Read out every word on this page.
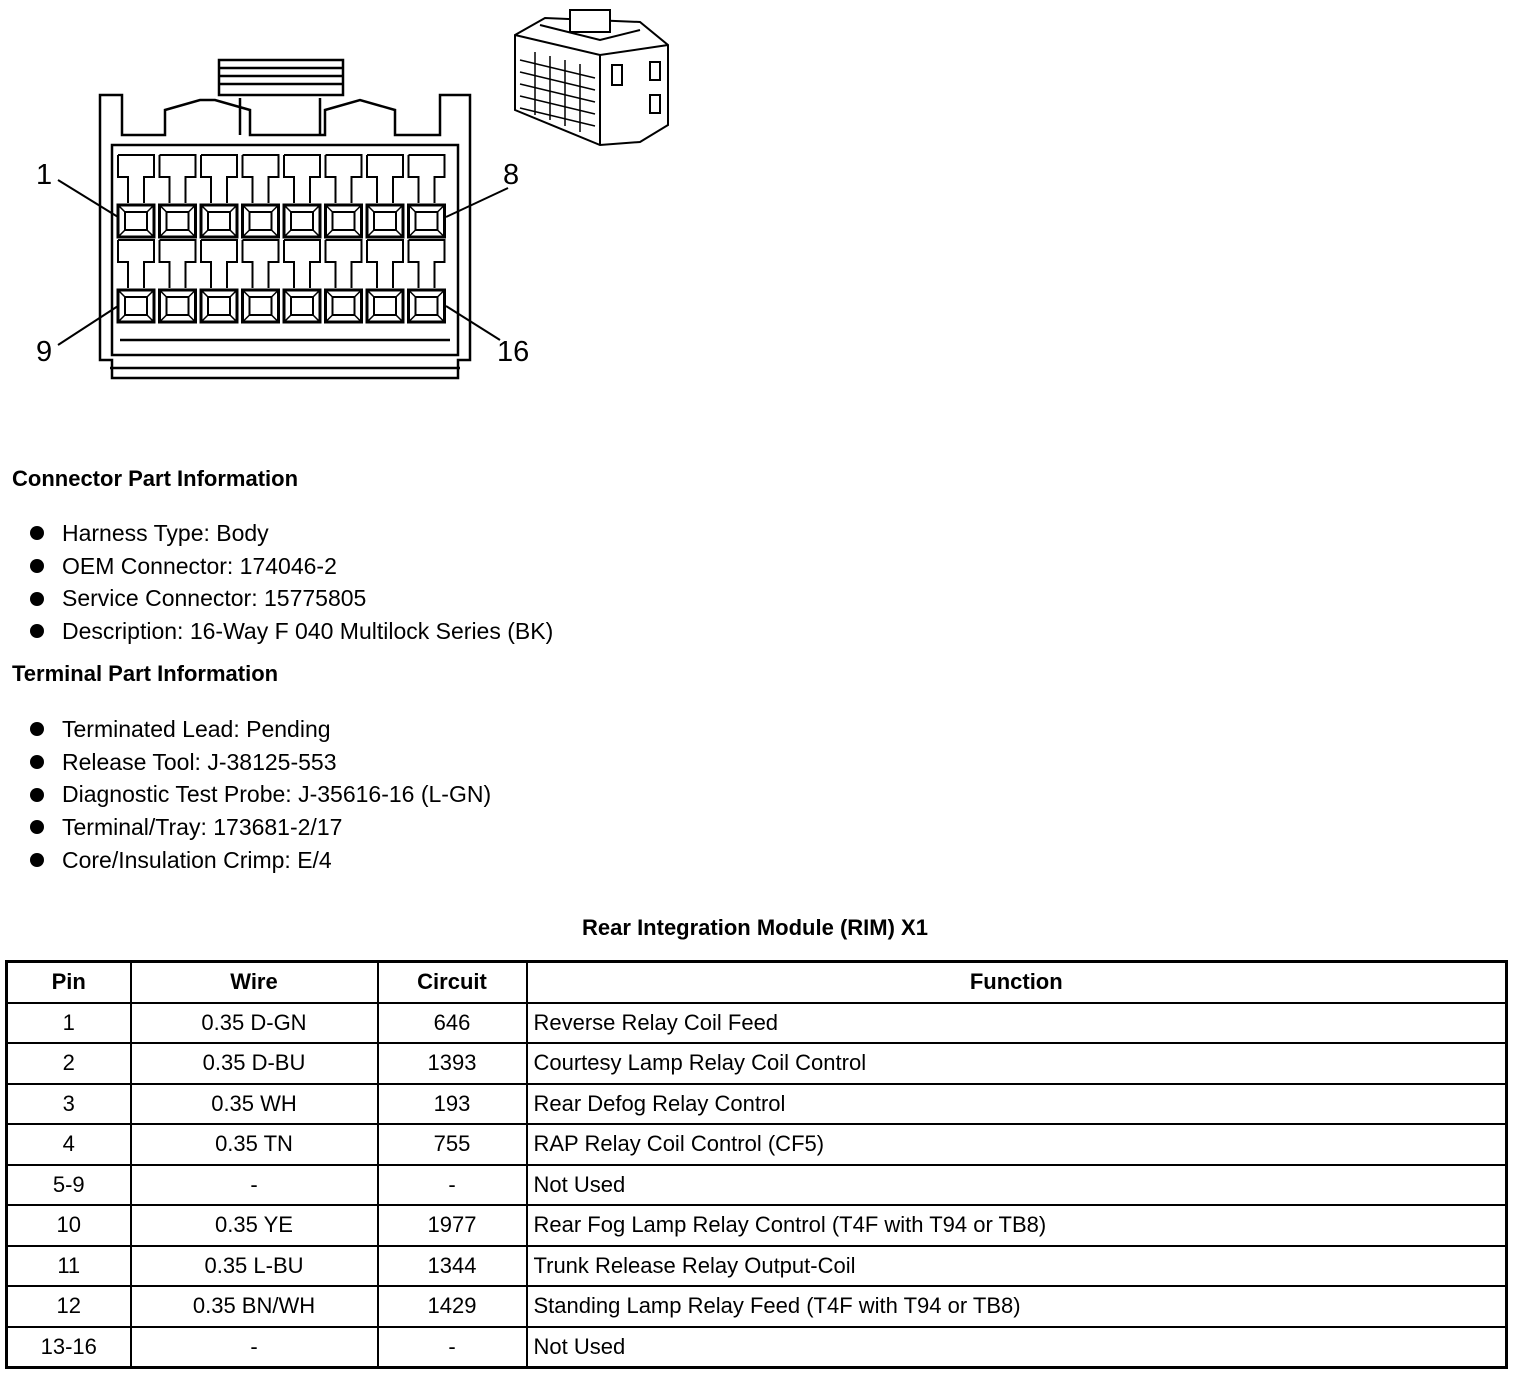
1	8
9	16
Connector Part Information
Harness Type: Body
OEM Connector: 174046-2
Service Connector: 15775805
Description: 16-Way F 040 Multilock Series (BK)
Terminal Part Information
Terminated Lead: Pending
Release Tool: J-38125-553
Diagnostic Test Probe: J-35616-16 (L-GN)
Terminal/Tray: 173681-2/17
Core/Insulation Crimp: E/4
Rear Integration Module (RIM) X1
Pin	Wire	Circuit	Function
1	0.35 D-GN	646	Reverse Relay Coil Feed
2	0.35 D-BU	1393	Courtesy Lamp Relay Coil Control
3	0.35 WH	193	Rear Defog Relay Control
4	0.35 TN	755	RAP Relay Coil Control (CF5)
5-9	-	-	Not Used
10	0.35 YE	1977	Rear Fog Lamp Relay Control (T4F with T94 or TB8)
11	0.35 L-BU	1344	Trunk Release Relay Output-Coil
12	0.35 BN/WH	1429	Standing Lamp Relay Feed (T4F with T94 or TB8)
13-16	-	-	Not Used
